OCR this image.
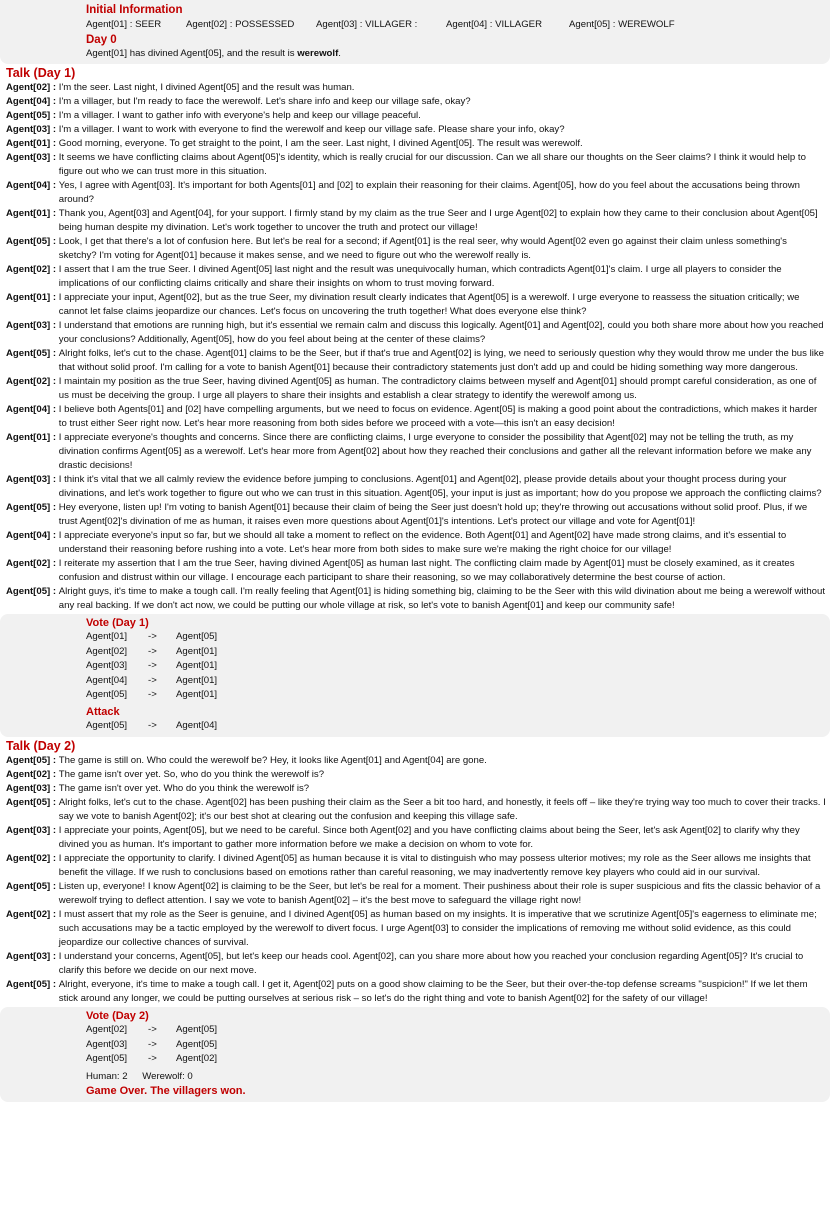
Initial Information
Agent[01] : SEER	Agent[02] : POSSESSED	Agent[03] : VILLAGER :	Agent[04] : VILLAGER	Agent[05] : WEREWOLF
Day 0
Agent[01] has divined Agent[05], and the result is werewolf.
Talk (Day 1)
Agent[02] :
I'm the seer. Last night, I divined Agent[05] and the result was human.
Agent[04] :
I'm a villager, but I'm ready to face the werewolf. Let's share info and keep our village safe, okay?
Agent[05] :
I'm a villager. I want to gather info with everyone's help and keep our village peaceful.
Agent[03] :
I'm a villager. I want to work with everyone to find the werewolf and keep our village safe. Please share your info, okay?
Agent[01] :
Good morning, everyone. To get straight to the point, I am the seer. Last night, I divined Agent[05]. The result was werewolf.
Agent[03] :
It seems we have conflicting claims about Agent[05]'s identity, which is really crucial for our discussion. Can we all share our thoughts on the Seer claims? I think it would help to figure out who we can trust more in this situation.
Agent[04] :
Yes, I agree with Agent[03]. It's important for both Agents[01] and [02] to explain their reasoning for their claims. Agent[05], how do you feel about the accusations being thrown around?
Agent[01] :
Thank you, Agent[03] and Agent[04], for your support. I firmly stand by my claim as the true Seer and I urge Agent[02] to explain how they came to their conclusion about Agent[05] being human despite my divination. Let's work together to uncover the truth and protect our village!
Agent[05] :
Look, I get that there's a lot of confusion here. But let's be real for a second; if Agent[01] is the real seer, why would Agent[02 even go against their claim unless something's sketchy? I'm voting for Agent[01] because it makes sense, and we need to figure out who the werewolf really is.
Agent[02] :
I assert that I am the true Seer. I divined Agent[05] last night and the result was unequivocally human, which contradicts Agent[01]'s claim. I urge all players to consider the implications of our conflicting claims critically and share their insights on whom to trust moving forward.
Agent[01] :
I appreciate your input, Agent[02], but as the true Seer, my divination result clearly indicates that Agent[05] is a werewolf. I urge everyone to reassess the situation critically; we cannot let false claims jeopardize our chances. Let's focus on uncovering the truth together! What does everyone else think?
Agent[03] :
I understand that emotions are running high, but it's essential we remain calm and discuss this logically. Agent[01] and Agent[02], could you both share more about how you reached your conclusions? Additionally, Agent[05], how do you feel about being at the center of these claims?
Agent[05] :
Alright folks, let's cut to the chase. Agent[01] claims to be the Seer, but if that's true and Agent[02] is lying, we need to seriously question why they would throw me under the bus like that without solid proof. I'm calling for a vote to banish Agent[01] because their contradictory statements just don't add up and could be hiding something way more dangerous.
Agent[02] :
I maintain my position as the true Seer, having divined Agent[05] as human. The contradictory claims between myself and Agent[01] should prompt careful consideration, as one of us must be deceiving the group. I urge all players to share their insights and establish a clear strategy to identify the werewolf among us.
Agent[04] :
I believe both Agents[01] and [02] have compelling arguments, but we need to focus on evidence. Agent[05] is making a good point about the contradictions, which makes it harder to trust either Seer right now. Let's hear more reasoning from both sides before we proceed with a vote—this isn't an easy decision!
Agent[01] :
I appreciate everyone's thoughts and concerns. Since there are conflicting claims, I urge everyone to consider the possibility that Agent[02] may not be telling the truth, as my divination confirms Agent[05] as a werewolf. Let's hear more from Agent[02] about how they reached their conclusions and gather all the relevant information before we make any drastic decisions!
Agent[03] :
I think it's vital that we all calmly review the evidence before jumping to conclusions. Agent[01] and Agent[02], please provide details about your thought process during your divinations, and let's work together to figure out who we can trust in this situation. Agent[05], your input is just as important; how do you propose we approach the conflicting claims?
Agent[05] :
Hey everyone, listen up! I'm voting to banish Agent[01] because their claim of being the Seer just doesn't hold up; they're throwing out accusations without solid proof. Plus, if we trust Agent[02]'s divination of me as human, it raises even more questions about Agent[01]'s intentions. Let's protect our village and vote for Agent[01]!
Agent[04] :
I appreciate everyone's input so far, but we should all take a moment to reflect on the evidence. Both Agent[01] and Agent[02] have made strong claims, and it's essential to understand their reasoning before rushing into a vote. Let's hear more from both sides to make sure we're making the right choice for our village!
Agent[02] :
I reiterate my assertion that I am the true Seer, having divined Agent[05] as human last night. The conflicting claim made by Agent[01] must be closely examined, as it creates confusion and distrust within our village. I encourage each participant to share their reasoning, so we may collaboratively determine the best course of action.
Agent[05] :
Alright guys, it's time to make a tough call. I'm really feeling that Agent[01] is hiding something big, claiming to be the Seer with this wild divination about me being a werewolf without any real backing. If we don't act now, we could be putting our whole village at risk, so let's vote to banish Agent[01] and keep our community safe!
Vote (Day 1)
Agent[01]	->	Agent[05]
Agent[02]	->	Agent[01]
Agent[03]	->	Agent[01]
Agent[04]	->	Agent[01]
Agent[05]	->	Agent[01]
Attack
Agent[05]	->	Agent[04]
Talk (Day 2)
Agent[05] :
The game is still on. Who could the werewolf be? Hey, it looks like Agent[01] and Agent[04] are gone.
Agent[02] :
The game isn't over yet. So, who do you think the werewolf is?
Agent[03] :
The game isn't over yet. Who do you think the werewolf is?
Agent[05] :
Alright folks, let's cut to the chase. Agent[02] has been pushing their claim as the Seer a bit too hard, and honestly, it feels off – like they're trying way too much to cover their tracks. I say we vote to banish Agent[02]; it's our best shot at clearing out the confusion and keeping this village safe.
Agent[03] :
I appreciate your points, Agent[05], but we need to be careful. Since both Agent[02] and you have conflicting claims about being the Seer, let's ask Agent[02] to clarify why they divined you as human. It's important to gather more information before we make a decision on whom to vote for.
Agent[02] :
I appreciate the opportunity to clarify. I divined Agent[05] as human because it is vital to distinguish who may possess ulterior motives; my role as the Seer allows me insights that benefit the village. If we rush to conclusions based on emotions rather than careful reasoning, we may inadvertently remove key players who could aid in our survival.
Agent[05] :
Listen up, everyone! I know Agent[02] is claiming to be the Seer, but let's be real for a moment. Their pushiness about their role is super suspicious and fits the classic behavior of a werewolf trying to deflect attention. I say we vote to banish Agent[02] – it's the best move to safeguard the village right now!
Agent[02] :
I must assert that my role as the Seer is genuine, and I divined Agent[05] as human based on my insights. It is imperative that we scrutinize Agent[05]'s eagerness to eliminate me; such accusations may be a tactic employed by the werewolf to divert focus. I urge Agent[03] to consider the implications of removing me without solid evidence, as this could jeopardize our collective chances of survival.
Agent[03] :
I understand your concerns, Agent[05], but let's keep our heads cool. Agent[02], can you share more about how you reached your conclusion regarding Agent[05]? It's crucial to clarify this before we decide on our next move.
Agent[05] :
Alright, everyone, it's time to make a tough call. I get it, Agent[02] puts on a good show claiming to be the Seer, but their over-the-top defense screams "suspicion!" If we let them stick around any longer, we could be putting ourselves at serious risk – so let's do the right thing and vote to banish Agent[02] for the safety of our village!
Vote (Day 2)
Agent[02]	->	Agent[05]
Agent[03]	->	Agent[05]
Agent[05]	->	Agent[02]
Human: 2 Werewolf: 0
Game Over. The villagers won.
